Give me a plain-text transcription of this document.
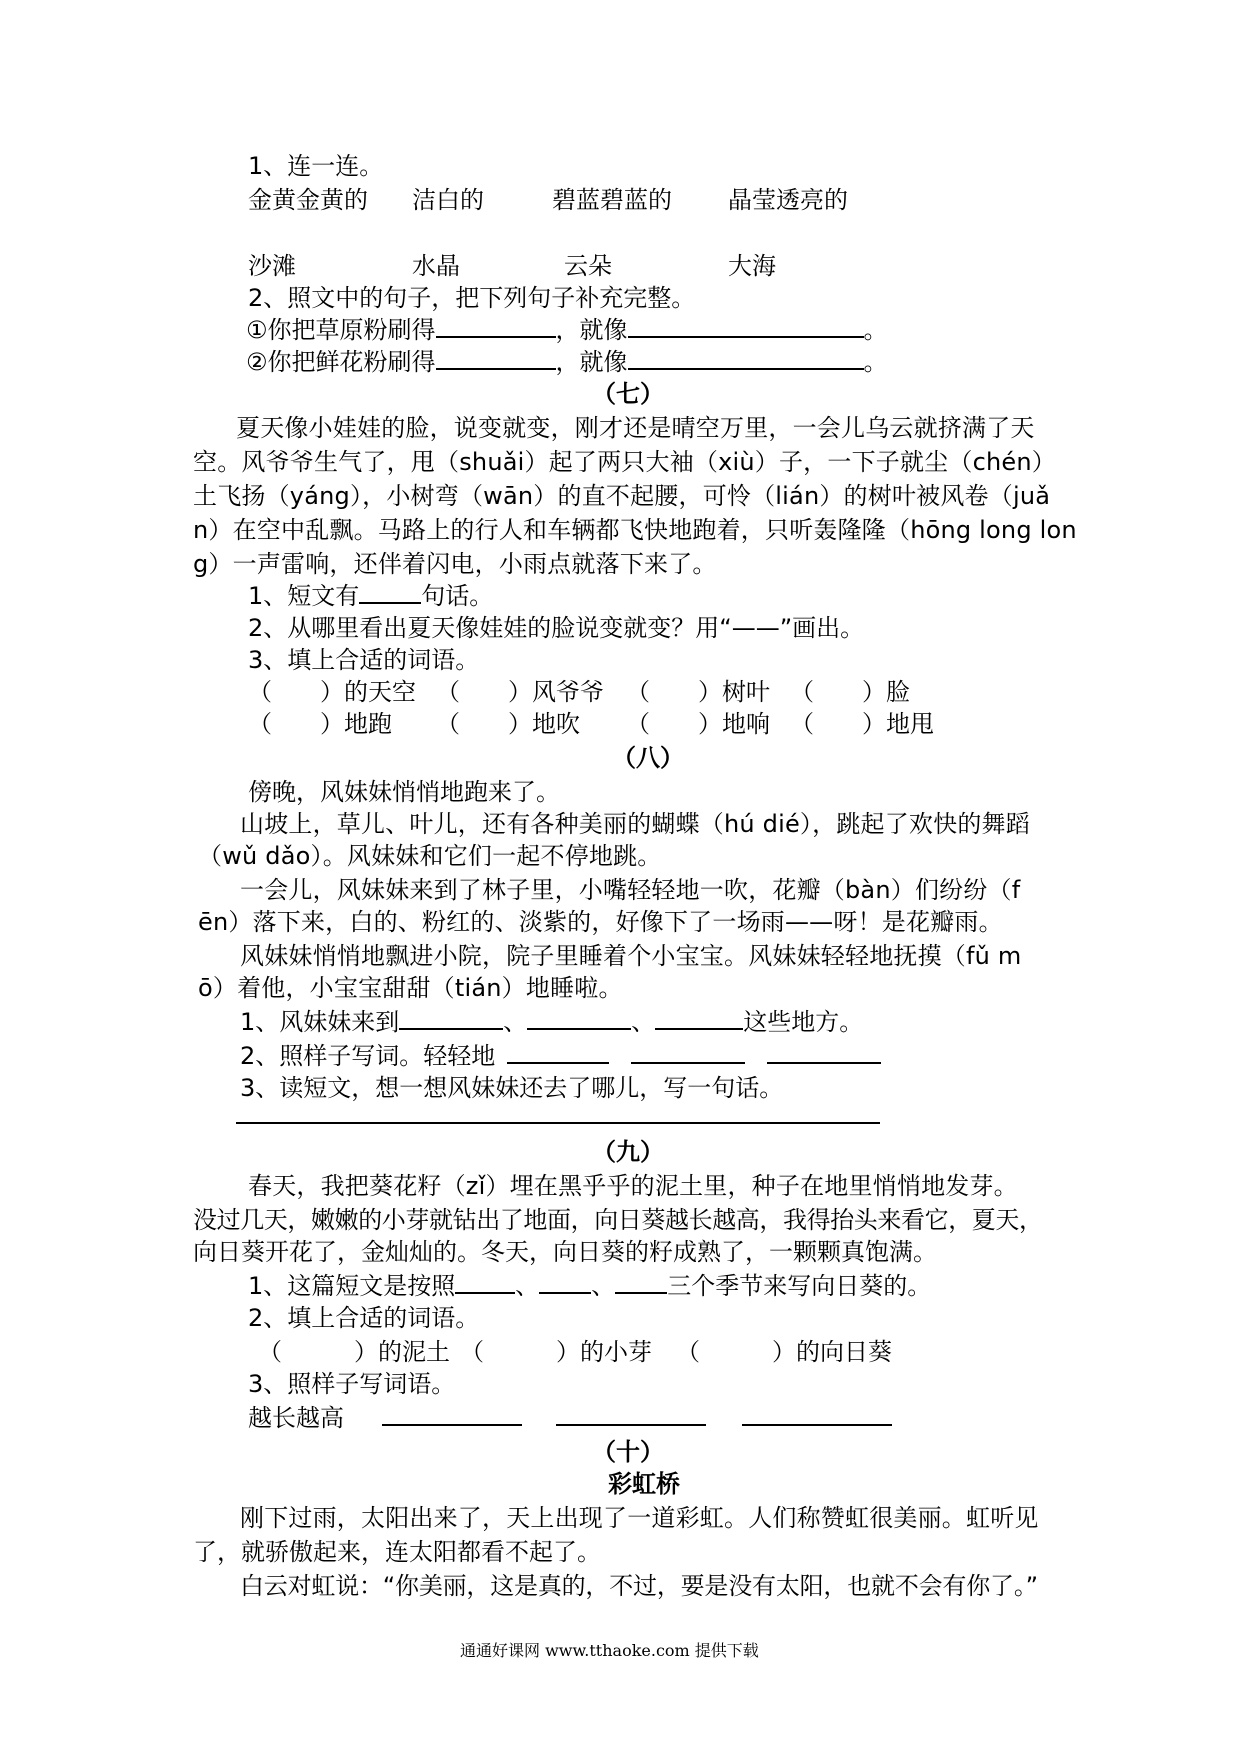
1、连一连。
金黄金黄的 洁白的	碧蓝碧蓝的 晶莹透亮的
沙滩	水晶	云朵	大海
2、照文中的句子，把下列句子补充完整。
①你把草原粉刷得	，就像	。
②你把鲜花粉刷得	，就像	。
（七）
夏天像小娃娃的脸，说变就变，刚才还是晴空万里，一会儿乌云就挤满了天
空。风爷爷生气了，甩（shuǎi）起了两只大袖（xiù）子，一下子就尘（chén）
土飞扬（yáng），小树弯（wān）的直不起腰，可怜（lián）的树叶被风卷（juǎ
n）在空中乱飘。马路上的行人和车辆都飞快地跑着，只听轰隆隆（hōng long lon
g）一声雷响，还伴着闪电，小雨点就落下来了。
1、短文有	句话。
2、从哪里看出夏天像娃娃的脸说变就变？用“——”画出。
3、填上合适的词语。
（　　）的天空 （　　）风爷爷 （　　）树叶 （　　）脸
（　　）地跑 （　　）地吹 （　　）地响 （　　）地甩
（八）
傍晚，风妹妹悄悄地跑来了。
山坡上，草儿、叶儿，还有各种美丽的蝴蝶（hú dié），跳起了欢快的舞蹈
（wǔ dǎo）。风妹妹和它们一起不停地跳。
一会儿，风妹妹来到了林子里，小嘴轻轻地一吹，花瓣（bàn）们纷纷（f
ēn）落下来，白的、粉红的、淡紫的，好像下了一场雨——呀！是花瓣雨。
风妹妹悄悄地飘进小院，院子里睡着个小宝宝。风妹妹轻轻地抚摸（fǔ m
ō）着他，小宝宝甜甜（tián）地睡啦。
1、风妹妹来到	、	、	这些地方。
2、照样子写词。轻轻地
3、读短文，想一想风妹妹还去了哪儿，写一句话。
（九）
春天，我把葵花籽（zǐ）埋在黑乎乎的泥土里，种子在地里悄悄地发芽。
没过几天，嫩嫩的小芽就钻出了地面，向日葵越长越高，我得抬头来看它，夏天，
向日葵开花了，金灿灿的。冬天，向日葵的籽成熟了，一颗颗真饱满。
1、这篇短文是按照	、 、 三个季节来写向日葵的。
2、填上合适的词语。
（　　　）的泥土 （　　　）的小芽 （　　　）的向日葵
3、照样子写词语。
越长越高
（十）
彩虹桥
刚下过雨，太阳出来了，天上出现了一道彩虹。人们称赞虹很美丽。虹听见
了，就骄傲起来，连太阳都看不起了。
白云对虹说：“你美丽，这是真的，不过，要是没有太阳，也就不会有你了。”
通通好课网 www.tthaoke.com 提供下载
